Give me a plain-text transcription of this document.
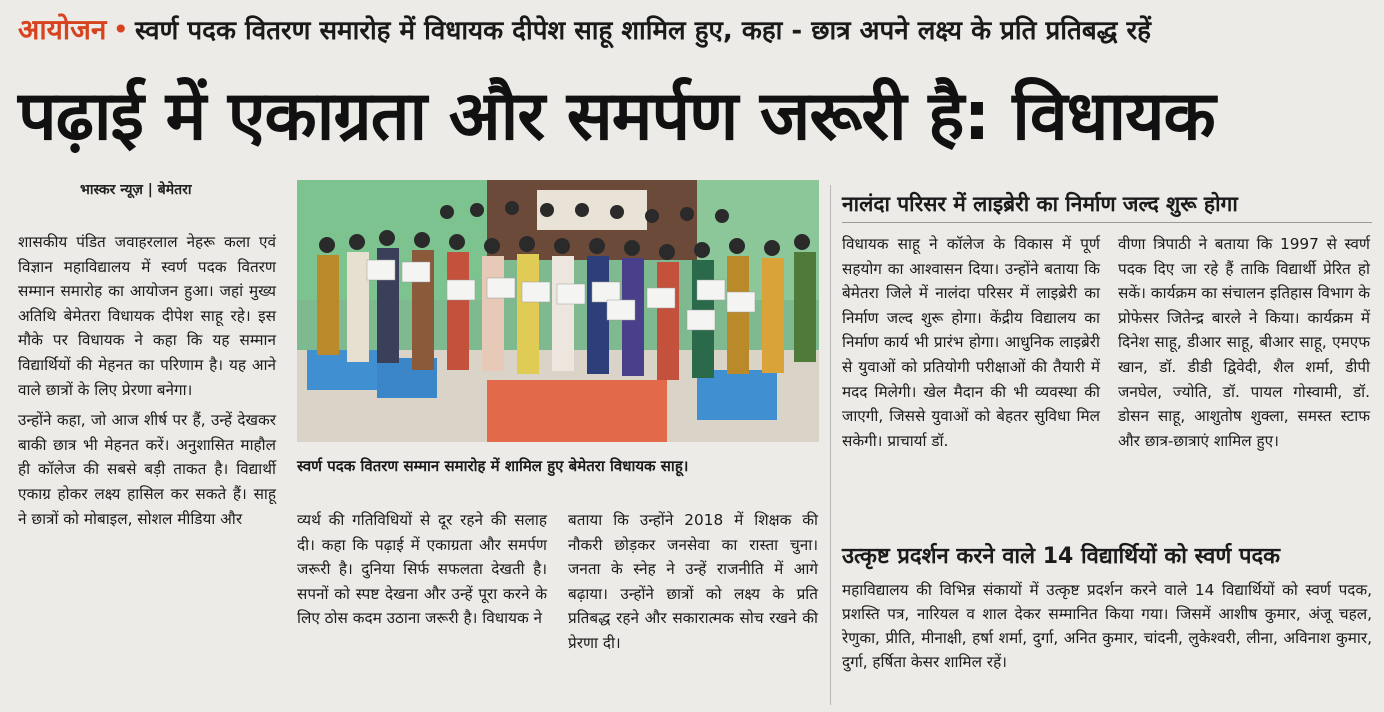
आयोजन • स्वर्ण पदक वितरण समारोह में विधायक दीपेश साहू शामिल हुए, कहा - छात्र अपने लक्ष्य के प्रति प्रतिबद्ध रहें
पढ़ाई में एकाग्रता और समर्पण जरूरी है: विधायक
भास्कर न्यूज़ | बेमेतरा

शासकीय पंडित जवाहरलाल नेहरू कला एवं विज्ञान महाविद्यालय में स्वर्ण पदक वितरण सम्मान समारोह का आयोजन हुआ। जहां मुख्य अतिथि बेमेतरा विधायक दीपेश साहू रहे। इस मौके पर विधायक ने कहा कि यह सम्मान विद्यार्थियों की मेहनत का परिणाम है। यह आने वाले छात्रों के लिए प्रेरणा बनेगा।

उन्होंने कहा, जो आज शीर्ष पर हैं, उन्हें देखकर बाकी छात्र भी मेहनत करें। अनुशासित माहौल ही कॉलेज की सबसे बड़ी ताकत है। विद्यार्थी एकाग्र होकर लक्ष्य हासिल कर सकते हैं। साहू ने छात्रों को मोबाइल, सोशल मीडिया और

स्वर्ण पदक वितरण सम्मान समारोह में शामिल हुए बेमेतरा विधायक साहू।

व्यर्थ की गतिविधियों से दूर रहने की सलाह दी। कहा कि पढ़ाई में एकाग्रता और समर्पण जरूरी है। दुनिया सिर्फ सफलता देखती है। सपनों को स्पष्ट देखना और उन्हें पूरा करने के लिए ठोस कदम उठाना जरूरी है। विधायक ने

बताया कि उन्होंने 2018 में शिक्षक की नौकरी छोड़कर जनसेवा का रास्ता चुना। जनता के स्नेह ने उन्हें राजनीति में आगे बढ़ाया। उन्होंने छात्रों को लक्ष्य के प्रति प्रतिबद्ध रहने और सकारात्मक सोच रखने की प्रेरणा दी।

नालंदा परिसर में लाइब्रेरी का निर्माण जल्द शुरू होगा

विधायक साहू ने कॉलेज के विकास में पूर्ण सहयोग का आश्वासन दिया। उन्होंने बताया कि बेमेतरा जिले में नालंदा परिसर में लाइब्रेरी का निर्माण जल्द शुरू होगा। केंद्रीय विद्यालय का निर्माण कार्य भी प्रारंभ होगा। आधुनिक लाइब्रेरी से युवाओं को प्रतियोगी परीक्षाओं की तैयारी में मदद मिलेगी। खेल मैदान की भी व्यवस्था की जाएगी, जिससे युवाओं को बेहतर सुविधा मिल सकेगी। प्राचार्या डॉ.

वीणा त्रिपाठी ने बताया कि 1997 से स्वर्ण पदक दिए जा रहे हैं ताकि विद्यार्थी प्रेरित हो सकें। कार्यक्रम का संचालन इतिहास विभाग के प्रोफेसर जितेन्द्र बारले ने किया। कार्यक्रम में दिनेश साहू, डीआर साहू, बीआर साहू, एमएफ खान, डॉ. डीडी द्विवेदी, शैल शर्मा, डीपी जनघेल, ज्योति, डॉ. पायल गोस्वामी, डॉ. डोसन साहू, आशुतोष शुक्ला, समस्त स्टाफ और छात्र-छात्राएं शामिल हुए।

उत्कृष्ट प्रदर्शन करने वाले 14 विद्यार्थियों को स्वर्ण पदक

महाविद्यालय की विभिन्न संकायों में उत्कृष्ट प्रदर्शन करने वाले 14 विद्यार्थियों को स्वर्ण पदक, प्रशस्ति पत्र, नारियल व शाल देकर सम्मानित किया गया। जिसमें आशीष कुमार, अंजू चहल, रेणुका, प्रीति, मीनाक्षी, हर्षा शर्मा, दुर्गा, अनित कुमार, चांदनी, लुकेश्वरी, लीना, अविनाश कुमार, दुर्गा, हर्षिता केसर शामिल रहें।
